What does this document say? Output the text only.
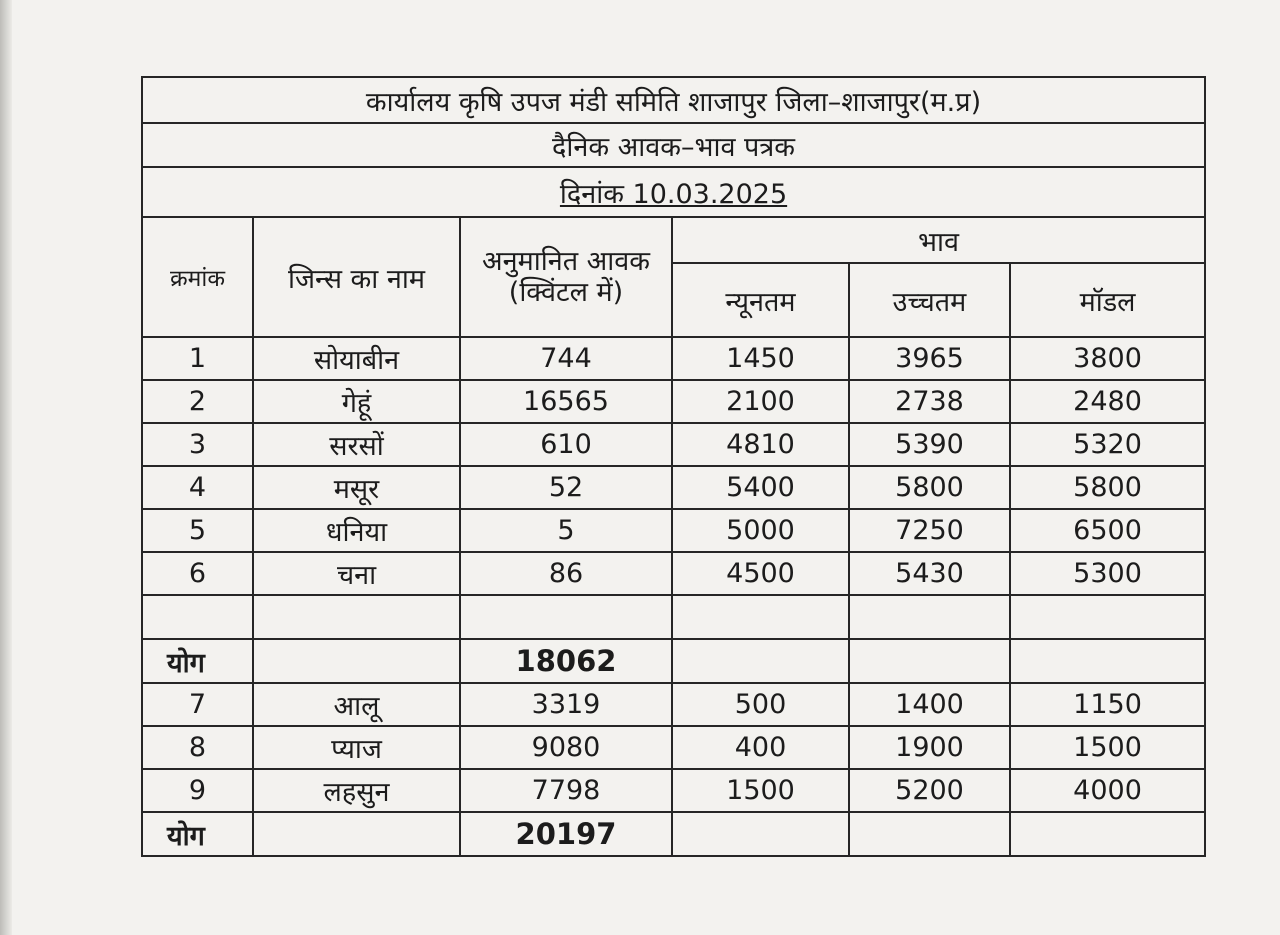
कार्यालय कृषि उपज मंडी समिति शाजापुर जिला–शाजापुर(म.प्र)					
दैनिक आवक–भाव पत्रक					
दिनांक 10.03.2025					
क्रमांक	जिन्स का नाम	अनुमानित आवक (क्विंटल में)	भाव		
			न्यूनतम	उच्चतम	मॉडल
1	सोयाबीन	744	1450	3965	3800
2	गेहूं	16565	2100	2738	2480
3	सरसों	610	4810	5390	5320
4	मसूर	52	5400	5800	5800
5	धनिया	5	5000	7250	6500
6	चना	86	4500	5430	5300

योग		18062			
7	आलू	3319	500	1400	1150
8	प्याज	9080	400	1900	1500
9	लहसुन	7798	1500	5200	4000
योग		20197			
